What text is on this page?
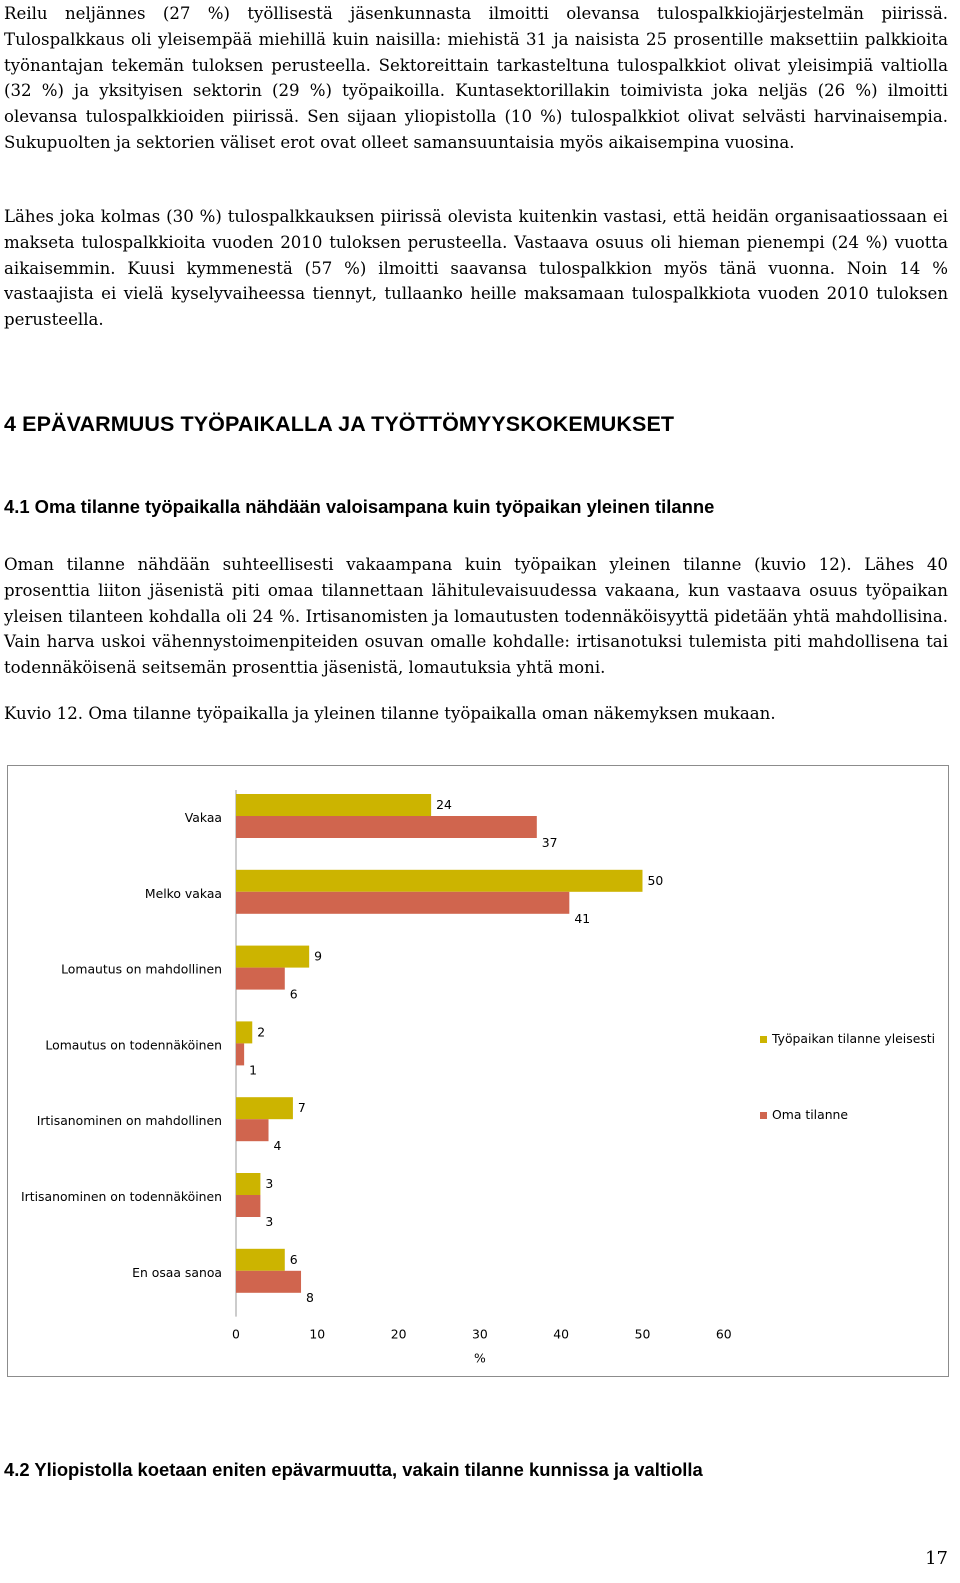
Reilu neljännes (27 %) työllisestä jäsenkunnasta ilmoitti olevansa tulospalkkiojärjestelmän piirissä. Tulospalkkaus oli yleisempää miehillä kuin naisilla: miehistä 31 ja naisista 25 prosentille maksettiin palkkioita työnantajan tekemän tuloksen perusteella. Sektoreittain tarkasteltuna tulospalkkiot olivat yleisimpiä valtiolla (32 %) ja yksityisen sektorin (29 %) työpaikoilla. Kuntasektorillakin toimivista joka neljäs (26 %) ilmoitti olevansa tulospalkkioiden piirissä. Sen sijaan yliopistolla (10 %) tulospalkkiot olivat selvästi harvinaisempia. Sukupuolten ja sektorien väliset erot ovat olleet samansuuntaisia myös aikaisempina vuosina.

Lähes joka kolmas (30 %) tulospalkkauksen piirissä olevista kuitenkin vastasi, että heidän organisaatiossaan ei makseta tulospalkkioita vuoden 2010 tuloksen perusteella. Vastaava osuus oli hieman pienempi (24 %) vuotta aikaisemmin. Kuusi kymmenestä (57 %) ilmoitti saavansa tulospalkkion myös tänä vuonna. Noin 14 % vastaajista ei vielä kyselyvaiheessa tiennyt, tullaanko heille maksamaan tulospalkkiota vuoden 2010 tuloksen perusteella.

4 EPÄVARMUUS TYÖPAIKALLA JA TYÖTTÖMYYSKOKEMUKSET
4.1 Oma tilanne työpaikalla nähdään valoisampana kuin työpaikan yleinen tilanne

Oman tilanne nähdään suhteellisesti vakaampana kuin työpaikan yleinen tilanne (kuvio 12). Lähes 40 prosenttia liiton jäsenistä piti omaa tilannettaan lähitulevaisuudessa vakaana, kun vastaava osuus työpaikan yleisen tilanteen kohdalla oli 24 %. Irtisanomisten ja lomautusten todennäköisyyttä pidetään yhtä mahdollisina. Vain harva uskoi vähennystoimenpiteiden osuvan omalle kohdalle: irtisanotuksi tulemista piti mahdollisena tai todennäköisenä seitsemän prosenttia jäsenistä, lomautuksia yhtä moni.

Kuvio 12. Oma tilanne työpaikalla ja yleinen tilanne työpaikalla oman näkemyksen mukaan.

Vakaa
24
37
Melko vakaa
50
41
Lomautus on mahdollinen
9
6
Lomautus on todennäköinen
2
1
Irtisanominen on mahdollinen
7
4
Irtisanominen on todennäköinen
3
3
En osaa sanoa
6
8
0	10	20	30	40	50	60
%
Työpaikan tilanne yleisesti
Oma tilanne
4.2 Yliopistolla koetaan eniten epävarmuutta, vakain tilanne kunnissa ja valtiolla

17
